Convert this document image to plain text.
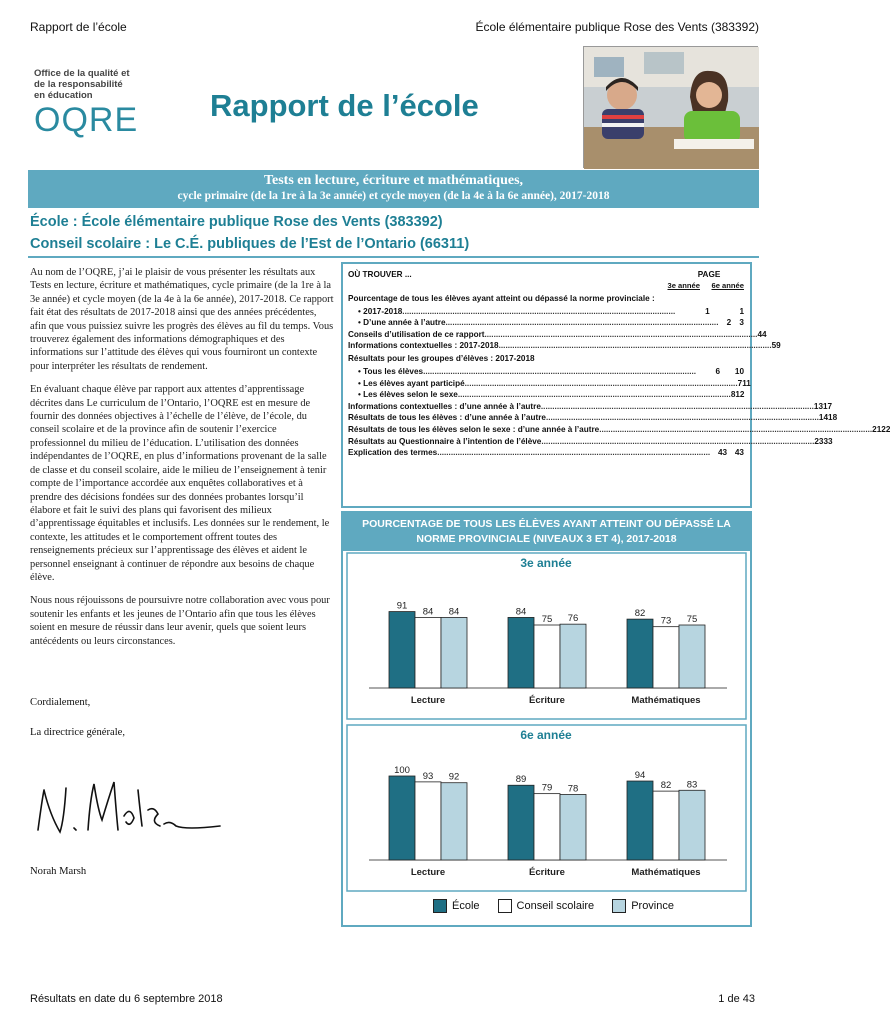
Rapport de l’école	École élémentaire publique Rose des Vents (383392)
Office de la qualité et
de la responsabilité
en éducation
OQRE Rapport de l’école
Tests en lecture, écriture et mathématiques,
cycle primaire (de la 1re à la 3e année) et cycle moyen (de la 4e à la 6e année), 2017-2018
École : École élémentaire publique Rose des Vents (383392)
Conseil scolaire : Le C.É. publiques de l’Est de l’Ontario (66311)

Au nom de l’OQRE, j’ai le plaisir de vous présenter les résultats aux Tests en lecture, écriture et mathématiques, cycle primaire (de la 1re à la 3e année) et cycle moyen (de la 4e à la 6e année), 2017-2018. Ce rapport fait état des résultats de 2017-2018 ainsi que des années précédentes, afin que vous puissiez suivre les progrès des élèves au fil du temps. Vous trouverez également des informations démographiques et des informations sur l’attitude des élèves qui vous fourniront un contexte pour interpréter les résultats de rendement.

En évaluant chaque élève par rapport aux attentes d’apprentissage décrites dans Le curriculum de l’Ontario, l’OQRE est en mesure de fournir des données objectives à l’échelle de l’élève, de l’école, du conseil scolaire et de la province afin de soutenir l’exercice professionnel du milieu de l’éducation. L’utilisation des données indépendantes de l’OQRE, en plus d’informations provenant de la salle de classe et du conseil scolaire, aide le milieu de l’enseignement à tenir compte de l’importance accordée aux enquêtes collaboratives et à prendre des décisions fondées sur des données probantes lorsqu’il élabore et fait le suivi des plans qui favorisent des milieux d’apprentissage équitables et inclusifs. Les données sur le rendement, le contexte, les attitudes et le comportement offrent toutes des renseignements précieux sur l’apprentissage des élèves et aident le personnel enseignant à continuer de répondre aux besoins de chaque élève.

Nous nous réjouissons de poursuivre notre collaboration avec vous pour soutenir les enfants et les jeunes de l’Ontario afin que tous les élèves soient en mesure de réussir dans leur avenir, quels que soient leurs antécédents ou leurs circonstances.

Cordialement,
La directrice générale,
Norah Marsh
OÙ TROUVER ...	PAGE
3e année	6e année
Pourcentage de tous les élèves ayant atteint ou dépassé la norme provinciale :
• 2017-2018 ........................................................................................................................	1	1
• D’une année à l’autre ........................................................................................................................ 2 3
Conseils d’utilisation de ce rapport ........................................................................................................................ 4 4
Informations contextuelles : 2017-2018 ........................................................................................................................ 5 9
Résultats pour les groupes d’élèves : 2017-2018
• Tous les élèves ........................................................................................................................	6	10
• Les élèves ayant participé ........................................................................................................................ 7 11
• Les élèves selon le sexe ........................................................................................................................ 8 12
Informations contextuelles : d’une année à l’autre ........................................................................................................................ 13 17
Résultats de tous les élèves : d’une année à l’autre ........................................................................................................................ 14 18
Résultats de tous les élèves selon le sexe : d’une année à l’autre ........................................................................................................................ 21 22
Résultats au Questionnaire à l’intention de l’élève ........................................................................................................................ 23 33
Explication des termes ........................................................................................................................ 43 43
POURCENTAGE DE TOUS LES ÉLÈVES AYANT ATTEINT OU DÉPASSÉ LA NORME PROVINCIALE (NIVEAUX 3 ET 4), 2017-2018
3e année
91
84 84
Lecture
84
75 76
Écriture
82
73 75
Mathématiques
6e année
100
93 92
Lecture
89
79 78
Écriture
94
82 83
Mathématiques
École	Conseil scolaire	Province
Résultats en date du 6 septembre 2018	1 de 43
